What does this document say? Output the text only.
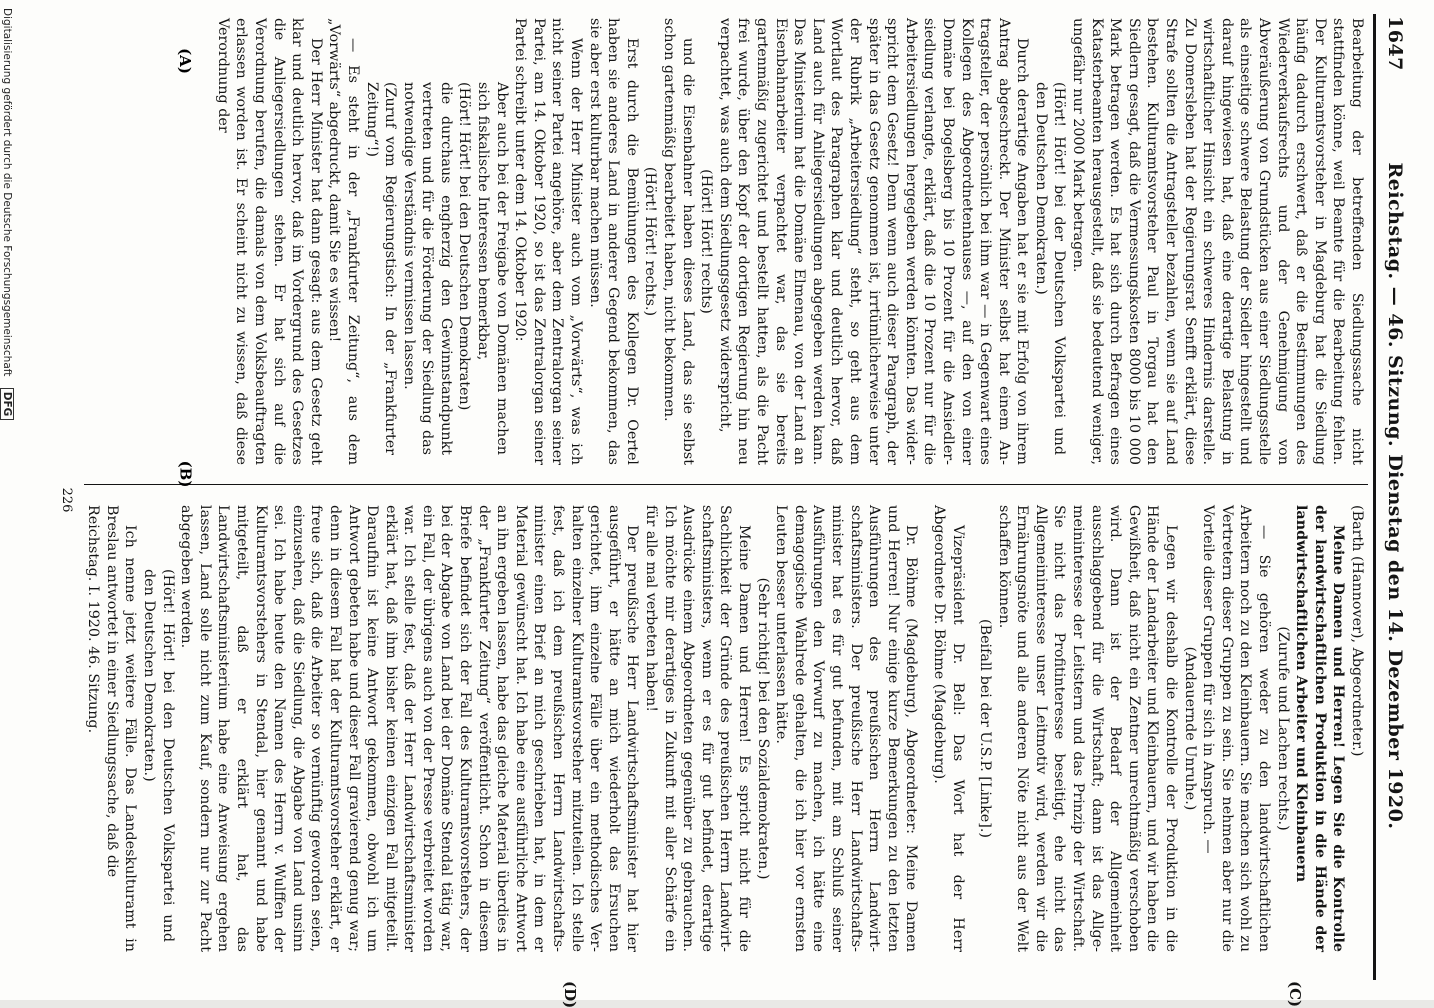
1647
Reichstag. — 46. Sitzung. Dienstag den 14. Dezember 1920.

Bearbeitung der betreffenden Siedlungssache nicht stattfinden könne, weil Beamte für die Bearbeitung fehlen. Der Kulturamtsvorsteher in Magdeburg hat die Siedlung häufig dadurch erschwert, daß er die Bestimmungen des Wiederverkaufsrechts und der Genehmigung von Abveräußerung von Grundstücken aus einer Siedlungsstelle als einseitige schwere Belastung der Siedler hingestellt und darauf hingewiesen hat, daß eine derartige Belastung in wirtschaftlicher Hinsicht ein schweres Hindernis darstelle. Zu Domersleben hat der Regierungsrat Senfft erklärt, diese Strafe sollten die Antragsteller bezahlen, wenn sie auf Land bestehen. Kulturamtsvorsteher Paul in Torgau hat den Siedlern gesagt, daß die Vermessungskosten 8000 bis 10 000 Mark betragen werden. Es hat sich durch Befragen eines Katasterbeamten herausgestellt, daß sie bedeutend weniger, ungefähr nur 2000 Mark betragen.

(Hört! Hört! bei der Deutschen Volkspartei und den Deutschen Demokraten.)

Durch derartige Angaben hat er sie mit Erfolg von ihrem Antrag abgeschreckt. Der Minister selbst hat einem Antragsteller, der persönlich bei ihm war — in Gegenwart eines Kollegen des Abgeordnetenhauses —, auf den von einer Domäne bei Bogelsberg bis 10 Prozent für die Ansiedlersiedlung verlangte, erklärt, daß die 10 Prozent nur für die Arbeitersiedlungen hergegeben werden könnten. Das widerspricht dem Gesetz! Denn wenn auch dieser Paragraph, der später in das Gesetz genommen ist, irrtümlicherweise unter der Rubrik „Arbeitersiedlung“ steht, so geht aus dem Wortlaut des Paragraphen klar und deutlich hervor, daß Land auch für Anliegersiedlungen abgegeben werden kann. Das Ministerium hat die Domäne Elmenau, von der Land an Eisenbahnarbeiter verpachtet war, das sie bereits gartenmäßig zugerichtet und bestellt hatten, als die Pacht frei wurde, über den Kopf der dortigen Regierung hin neu verpachtet, was auch dem Siedlungsgesetz widerspricht,

(Hört! Hört! rechts)

und die Eisenbahner haben dieses Land, das sie selbst schon gartenmäßig bearbeitet haben, nicht bekommen.

(Hört! Hört! rechts.)

Erst durch die Bemühungen des Kollegen Dr. Oertel haben sie anderes Land in anderer Gegend bekommen, das sie aber erst kulturbar machen müssen.

Wenn der Herr Minister auch vom „Vorwärts“, was ich nicht seiner Partei angehöre, aber dem Zentralorgan seiner Partei, am 14. Oktober 1920, so ist das Zentralorgan seiner Partei schreibt unter dem 14. Oktober 1920:

Aber auch bei der Freigabe von Domänen machen sich fiskalische Interessen bemerkbar,

(Hört! Hört! bei den Deutschen Demokraten)

die durchaus engherzig den Gewinnstandpunkt vertreten und für die Förderung der Siedlung das notwendige Verständnis vermissen lassen.

(Zuruf vom Regierungstisch: In der „Frankfurter Zeitung“!)

— Es steht in der „Frankfurter Zeitung“, aus dem „Vorwärts“ abgedruckt, damit Sie es wissen!

Der Herr Minister hat dann gesagt: aus dem Gesetz geht klar und deutlich hervor, daß im Vordergrund des Gesetzes die Anliegersiedlungen stehen. Er hat sich auf die Verordnung berufen, die damals von dem Volksbeauftragten erlassen worden ist. Er scheint nicht zu wissen, daß diese Verordnung der

(Barth (Hannover), Abgeordneter.)

Meine Damen und Herren! Legen Sie die Kontrolle der landwirtschaftlichen Produktion in die Hände der landwirtschaftlichen Arbeiter und Kleinbauern

(Zurufe und Lachen rechts.)

— Sie gehören weder zu den landwirtschaftlichen Arbeitern noch zu den Kleinbauern. Sie machen sich wohl zu Vertretern dieser Gruppen zu sein. Sie nehmen aber nur die Vorteile dieser Gruppen für sich in Anspruch. —

(Andauernde Unruhe.)

Legen wir deshalb die Kontrolle der Produktion in die Hände der Landarbeiter und Kleinbauern, und wir haben die Gewißheit, daß nicht ein Zentner unrechtmäßig verschoben wird. Dann ist der Bedarf der Allgemeinheit ausschlaggebend für die Wirtschaft; dann ist das Allgemeininteresse der Leitstern und das Prinzip der Wirtschaft. Sie nicht das Profitinteresse beseitigt, ehe nicht das Allgemeininteresse unser Leitmotiv wird, werden wir die Ernährungsnöte und alle anderen Nöte nicht aus der Welt schaffen können.

(Beifall bei der U.S.P. [Linke].)

Vizepräsident Dr. Bell: Das Wort hat der Herr Abgeordnete Dr. Böhme (Magdeburg).

Dr. Böhme (Magdeburg), Abgeordneter: Meine Damen und Herren! Nur einige kurze Bemerkungen zu den letzten Ausführungen des preußischen Herrn Landwirtschaftsministers. Der preußische Herr Landwirtschaftsminister hat es für gut befunden, mit am Schluß seiner Ausführungen den Vorwurf zu machen, ich hätte eine demagogische Wahlrede gehalten, die ich hier vor ernsten Leuten besser unterlassen hätte.

(Sehr richtig! bei den Sozialdemokraten.)

Meine Damen und Herren! Es spricht nicht für die Sachlichkeit der Gründe des preußischen Herrn Landwirtschaftsministers, wenn er es für gut befindet, derartige Ausdrücke einem Abgeordneten gegenüber zu gebrauchen. Ich möchte mir derartiges in Zukunft mit aller Schärfe ein für alle mal verbeten haben!

Der preußische Herr Landwirtschaftsminister hat hier ausgeführt, er hätte an mich wiederholt das Ersuchen gerichtet, ihm einzelne Fälle über ein methodisches Verhalten einzelner Kulturamtsvorsteher mitzuteilen. Ich stelle fest, daß ich dem preußischen Herrn Landwirtschaftsminister einen Brief an mich geschrieben hat, in dem er Material gewünscht hat. Ich habe eine ausführliche Antwort an ihn ergeben lassen, habe das gleiche Material überdies in der „Frankfurter Zeitung“ veröffentlicht. Schon in diesem Briefe befindet sich der Fall des Kulturamtsvorstehers, der bei der Abgabe von Land bei der Domäne Stendal tätig war, ein Fall, der übrigens auch von der Presse verbreitet worden war. Ich stelle fest, daß der Herr Landwirtschaftsminister erklärt hat, daß ihm bisher keinen einzigen Fall mitgeteilt. Daraufhin ist keine Antwort gekommen, obwohl ich um Antwort gebeten habe und dieser Fall gravierend genug war; denn in diesem Fall hat der Kulturamtsvorsteher erklärt, er freue sich, daß die Arbeiter so vernünftig geworden seien, einzusehen, daß die Siedlung, die Abgabe von Land unsinn sei. Ich habe heute den Namen des Herrn v. Wulffen der Kulturamtsvorstehers in Stendal, hier genannt und habe mitgeteilt, daß er erklärt hat, das Landwirtschaftsministerium habe eine Anweisung ergehen lassen, Land solle nicht zum Kauf, sondern nur zur Pacht abgegeben werden.

(Hört! Hört! bei den Deutschen Volkspartei und den Deutschen Demokraten.)

Ich nenne jetzt weitere Fälle. Das Landeskulturamt in Breslau antwortet in einer Siedlungssache, daß die

Reichstag. I. 1920. 46. Sitzung.

(C)
(D)
226
(A)
(B)
Digitalisierung gefördert durch die Deutsche Forschungsgemeinschaft DFG
